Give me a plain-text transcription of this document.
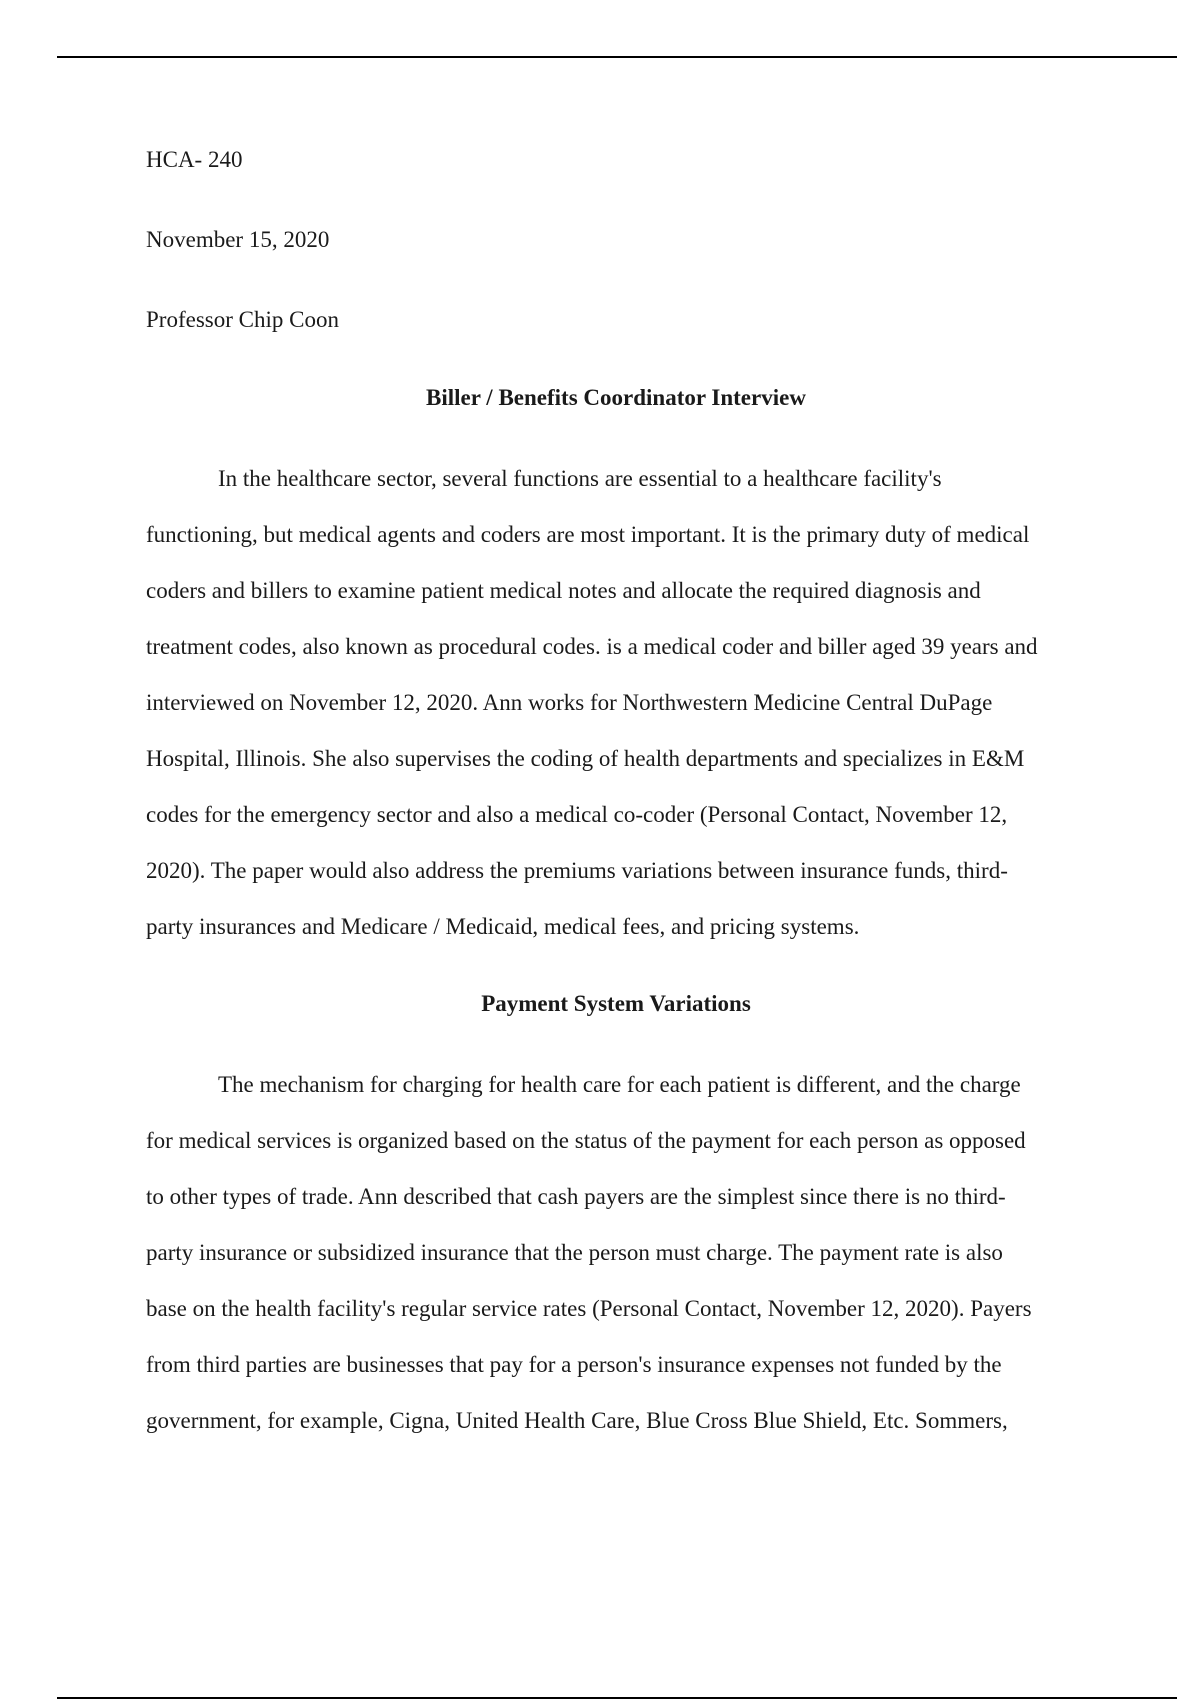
HCA- 240
November 15, 2020
Professor Chip Coon
Biller / Benefits Coordinator Interview
In the healthcare sector, several functions are essential to a healthcare facility's
functioning, but medical agents and coders are most important. It is the primary duty of medical
coders and billers to examine patient medical notes and allocate the required diagnosis and
treatment codes, also known as procedural codes. is a medical coder and biller aged 39 years and
interviewed on November 12, 2020. Ann works for Northwestern Medicine Central DuPage
Hospital, Illinois. She also supervises the coding of health departments and specializes in E&M
codes for the emergency sector and also a medical co-coder (Personal Contact, November 12,
2020). The paper would also address the premiums variations between insurance funds, third-
party insurances and Medicare / Medicaid, medical fees, and pricing systems.
Payment System Variations
The mechanism for charging for health care for each patient is different, and the charge
for medical services is organized based on the status of the payment for each person as opposed
to other types of trade. Ann described that cash payers are the simplest since there is no third-
party insurance or subsidized insurance that the person must charge. The payment rate is also
base on the health facility's regular service rates (Personal Contact, November 12, 2020). Payers
from third parties are businesses that pay for a person's insurance expenses not funded by the
government, for example, Cigna, United Health Care, Blue Cross Blue Shield, Etc. Sommers,
